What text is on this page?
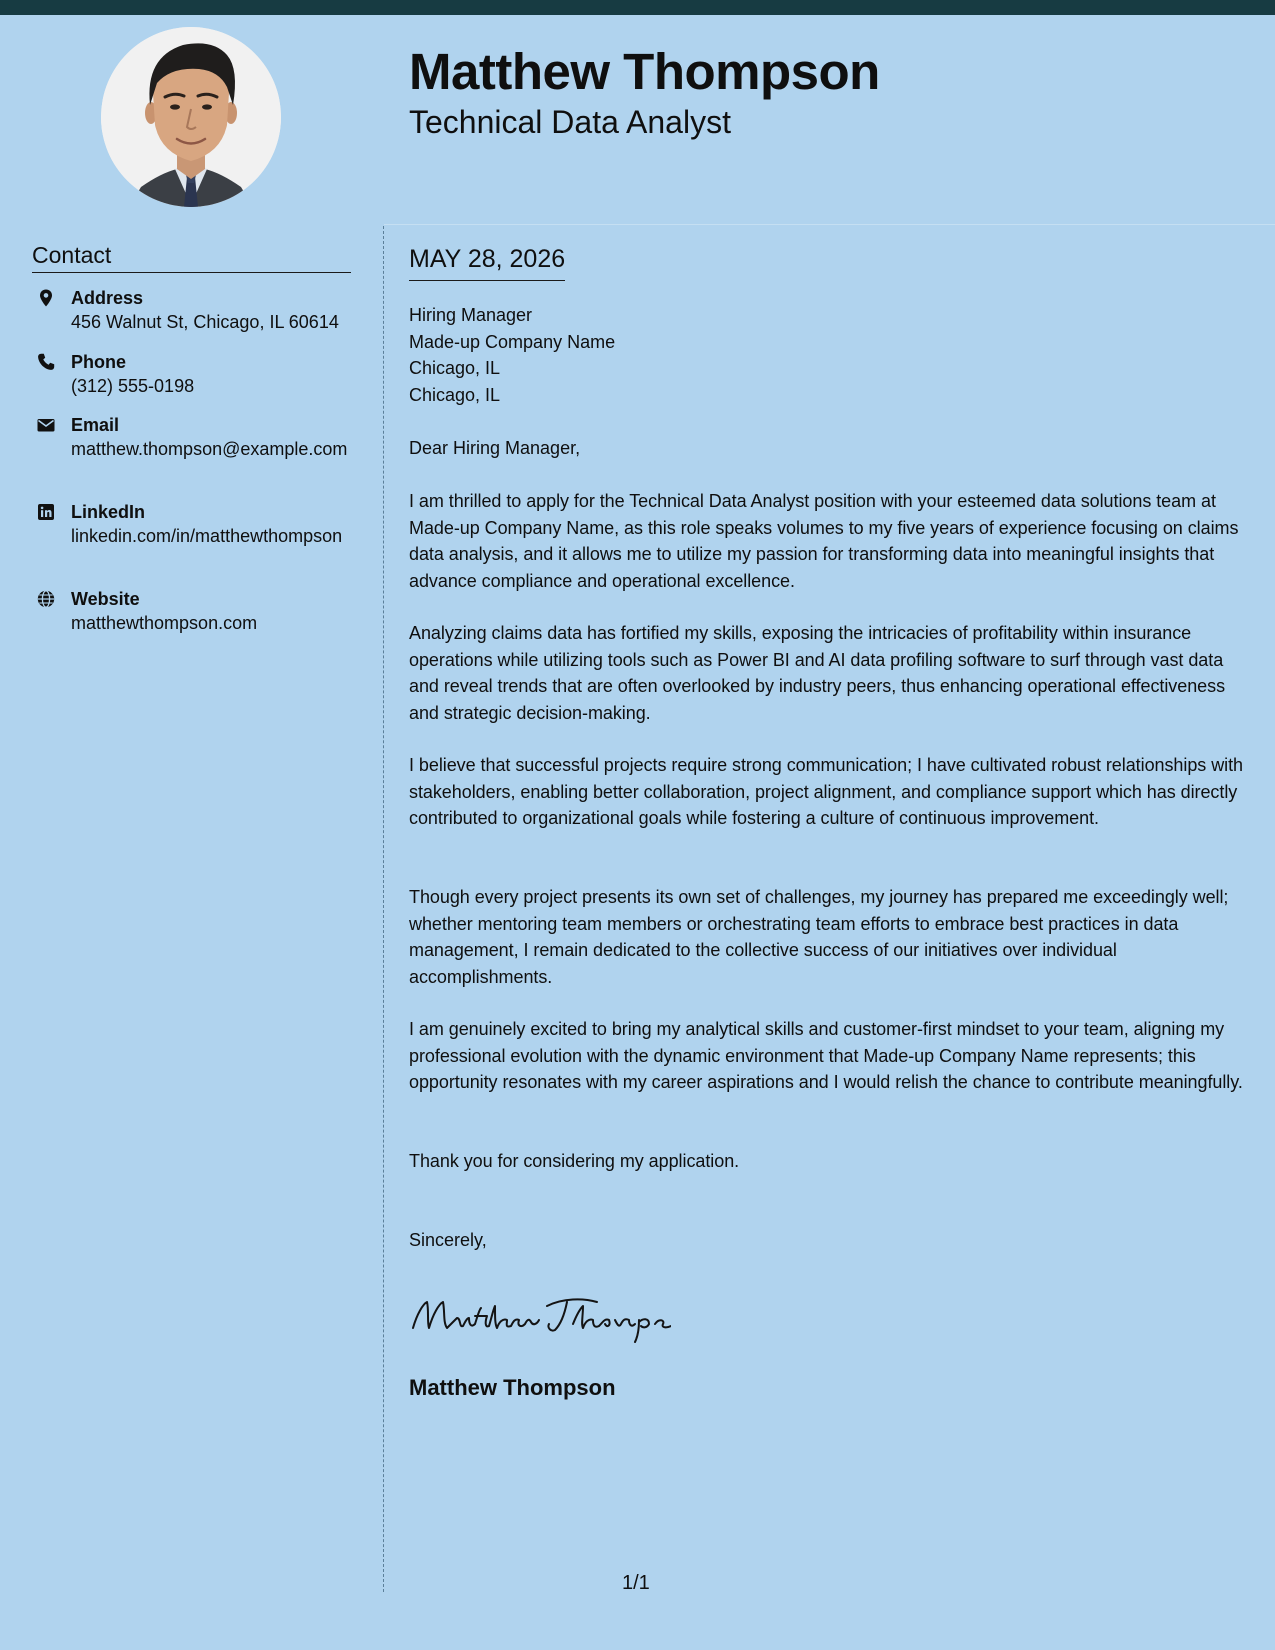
Matthew Thompson
Technical Data Analyst
Contact
Address
456 Walnut St, Chicago, IL 60614
Phone
(312) 555-0198
Email
matthew.thompson@example.com
LinkedIn
linkedin.com/in/matthewthompson
Website
matthewthompson.com
MAY 28, 2026
Hiring Manager
Made-up Company Name
Chicago, IL
Chicago, IL
Dear Hiring Manager,
I am thrilled to apply for the Technical Data Analyst position with your esteemed data solutions team at Made-up Company Name, as this role speaks volumes to my five years of experience focusing on claims data analysis, and it allows me to utilize my passion for transforming data into meaningful insights that advance compliance and operational excellence.
Analyzing claims data has fortified my skills, exposing the intricacies of profitability within insurance operations while utilizing tools such as Power BI and AI data profiling software to surf through vast data and reveal trends that are often overlooked by industry peers, thus enhancing operational effectiveness and strategic decision-making.
I believe that successful projects require strong communication; I have cultivated robust relationships with stakeholders, enabling better collaboration, project alignment, and compliance support which has directly contributed to organizational goals while fostering a culture of continuous improvement.
Though every project presents its own set of challenges, my journey has prepared me exceedingly well; whether mentoring team members or orchestrating team efforts to embrace best practices in data management, I remain dedicated to the collective success of our initiatives over individual accomplishments.
I am genuinely excited to bring my analytical skills and customer-first mindset to your team, aligning my professional evolution with the dynamic environment that Made-up Company Name represents; this opportunity resonates with my career aspirations and I would relish the chance to contribute meaningfully.
Thank you for considering my application.
Sincerely,
Matthew Thompson
1/1
